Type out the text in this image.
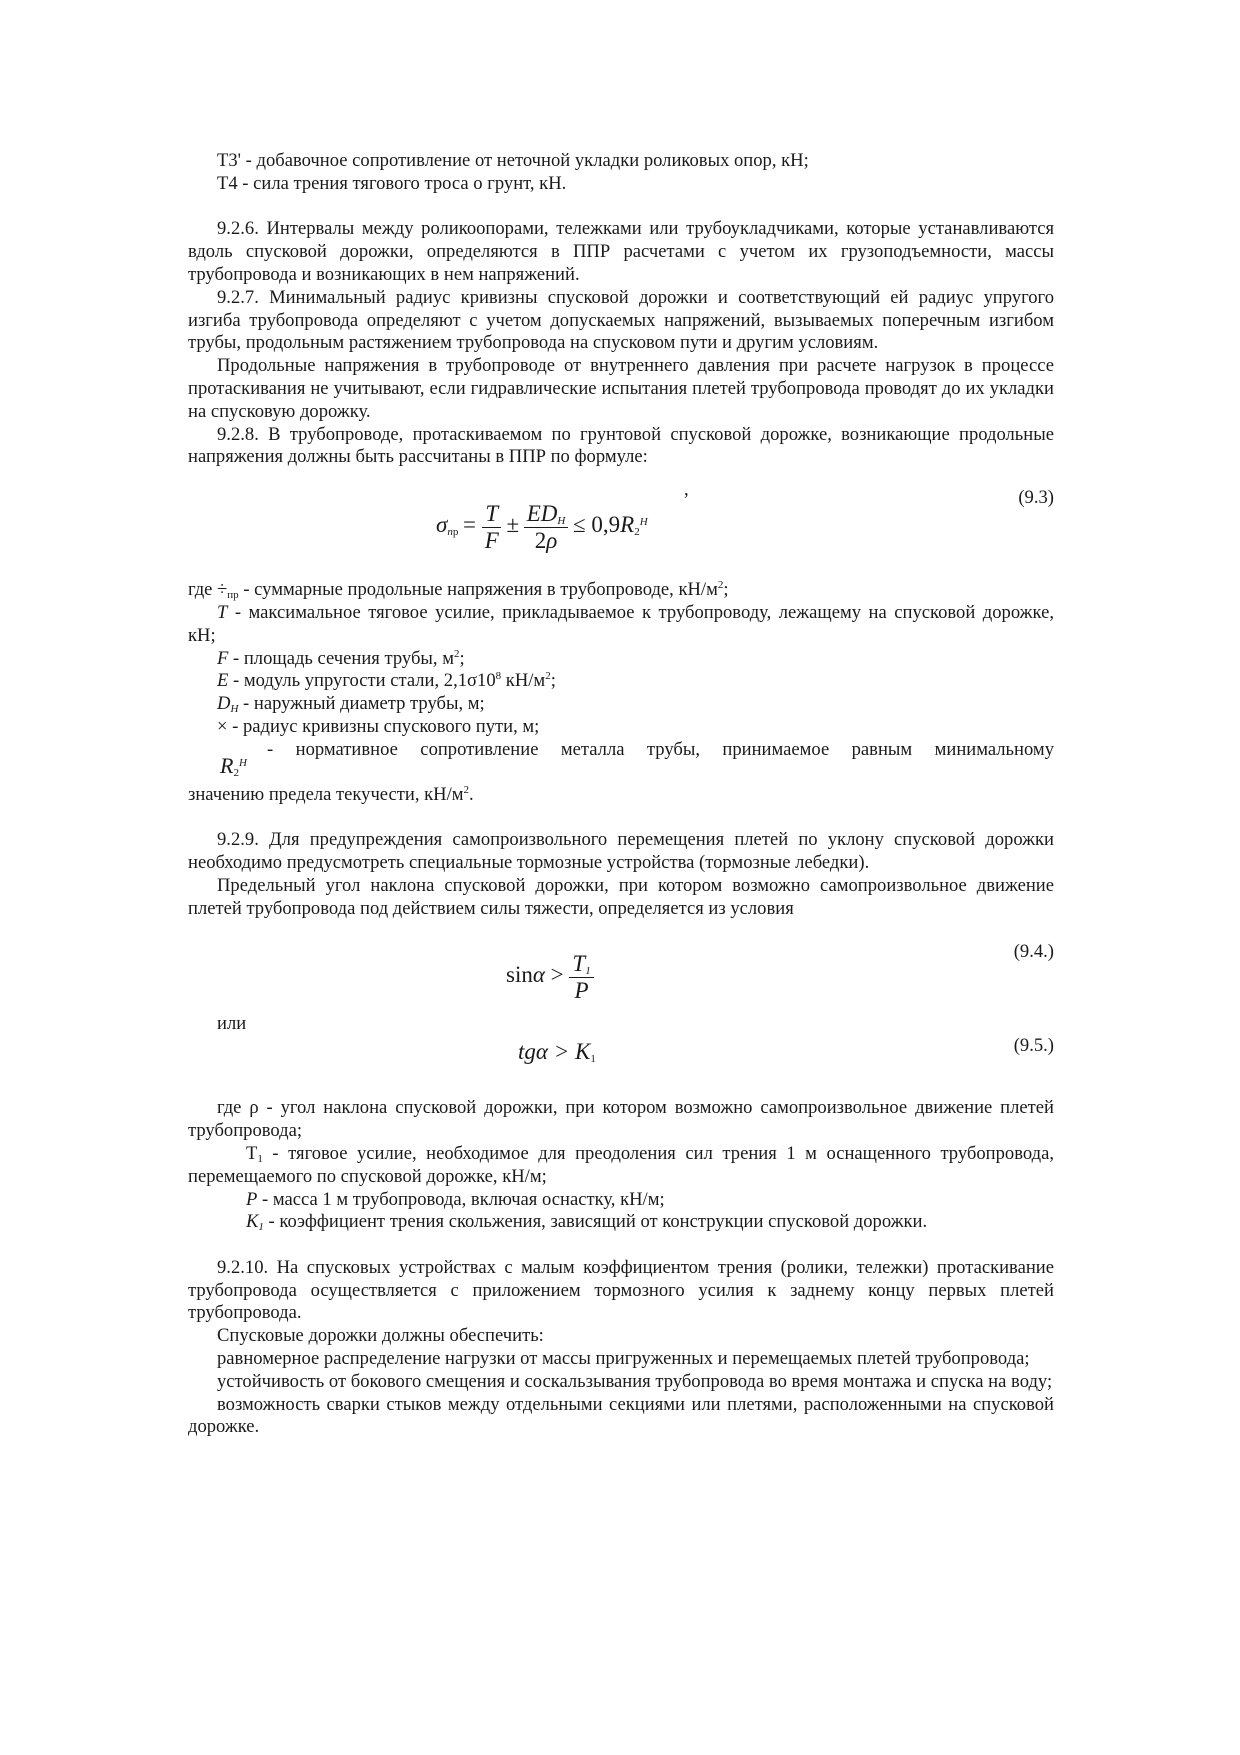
Т3' - добавочное сопротивление от неточной укладки роликовых опор, кН;

Т4 - сила трения тягового троса о грунт, кН.

9.2.6. Интервалы между роликоопорами, тележками или трубоукладчиками, которые устанавливаются вдоль спусковой дорожки, определяются в ППР расчетами с учетом их грузоподъемности, массы трубопровода и возникающих в нем напряжений.

9.2.7. Минимальный радиус кривизны спусковой дорожки и соответствующий ей радиус упругого изгиба трубопровода определяют с учетом допускаемых напряжений, вызываемых поперечным изгибом трубы, продольным растяжением трубопровода на спусковом пути и другим условиям.

Продольные напряжения в трубопроводе от внутреннего давления при расчете нагрузок в процессе протаскивания не учитывают, если гидравлические испытания плетей трубопровода проводят до их укладки на спусковую дорожку.

9.2.8. В трубопроводе, протаскиваемом по грунтовой спусковой дорожке, возникающие продольные напряжения должны быть рассчитаны в ППР по формуле:

,	(9.3)
$\sigma_{пр} = \frac{T}{F} \pm \frac{ED_Н}{2\rho} \le 0,9R_2^Н$

где $\div_{пр}$ - суммарные продольные напряжения в трубопроводе, $кН/м^2$;

T - максимальное тяговое усилие, прикладываемое к трубопроводу, лежащему на спусковой дорожке, кН;

F - площадь сечения трубы, $м^2$;

E - модуль упругости стали, $2,1\sigma 10^8$ $кН/м^2$;

$D_Н$ - наружный диаметр трубы, м;

× - радиус кривизны спускового пути, м;

- нормативное сопротивление металла трубы, принимаемое равным минимальному
$R_2^Н$

значению предела текучести, $кН/м^2$.

9.2.9. Для предупреждения самопроизвольного перемещения плетей по уклону спусковой дорожки необходимо предусмотреть специальные тормозные устройства (тормозные лебедки).

Предельный угол наклона спусковой дорожки, при котором возможно самопроизвольное движение плетей трубопровода под действием силы тяжести, определяется из условия

(9.4.)
$\sin\alpha > \frac{T_1}{P}$

или

(9.5.)
$tg\alpha > K_1$

где ρ - угол наклона спусковой дорожки, при котором возможно самопроизвольное движение плетей трубопровода;

$Т_1$ - тяговое усилие, необходимое для преодоления сил трения 1 м оснащенного трубопровода, перемещаемого по спусковой дорожке, кН/м;

P - масса 1 м трубопровода, включая оснастку, кН/м;

$K_1$ - коэффициент трения скольжения, зависящий от конструкции спусковой дорожки.

9.2.10. На спусковых устройствах с малым коэффициентом трения (ролики, тележки) протаскивание трубопровода осуществляется с приложением тормозного усилия к заднему концу первых плетей трубопровода.

Спусковые дорожки должны обеспечить:

равномерное распределение нагрузки от массы пригруженных и перемещаемых плетей трубопровода;

устойчивость от бокового смещения и соскальзывания трубопровода во время монтажа и спуска на воду;

возможность сварки стыков между отдельными секциями или плетями, расположенными на спусковой дорожке.
